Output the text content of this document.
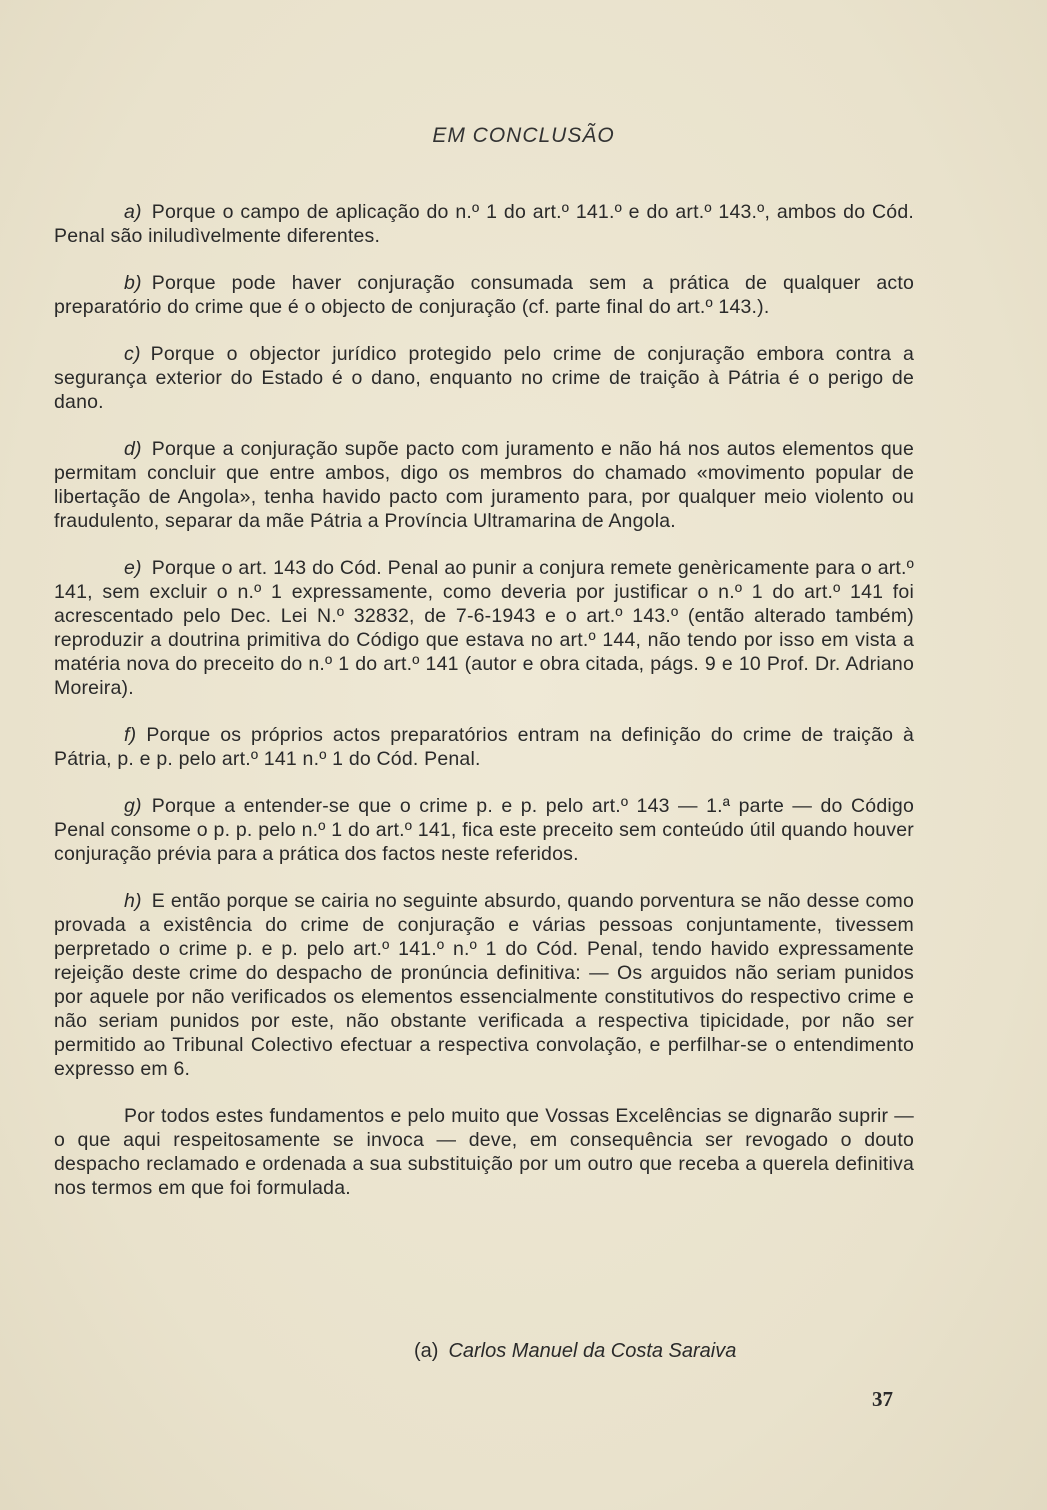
EM CONCLUSÃO

a) Porque o campo de aplicação do n.º 1 do art.º 141.º e do art.º 143.º, ambos do Cód. Penal são iniludìvelmente diferentes.

b) Porque pode haver conjuração consumada sem a prática de qualquer acto preparatório do crime que é o objecto de conjuração (cf. parte final do art.º 143.).

c) Porque o objector jurídico protegido pelo crime de conjuração embora contra a segurança exterior do Estado é o dano, enquanto no crime de traição à Pátria é o perigo de dano.

d) Porque a conjuração supõe pacto com juramento e não há nos autos elementos que permitam concluir que entre ambos, digo os membros do chamado «movimento popular de libertação de Angola», tenha havido pacto com juramento para, por qualquer meio violento ou fraudulento, separar da mãe Pátria a Província Ultramarina de Angola.

e) Porque o art. 143 do Cód. Penal ao punir a conjura remete genèricamente para o art.º 141, sem excluir o n.º 1 expressamente, como deveria por justificar o n.º 1 do art.º 141 foi acrescentado pelo Dec. Lei N.º 32832, de 7-6-1943 e o art.º 143.º (então alterado também) reproduzir a doutrina primitiva do Código que estava no art.º 144, não tendo por isso em vista a matéria nova do preceito do n.º 1 do art.º 141 (autor e obra citada, págs. 9 e 10 Prof. Dr. Adriano Moreira).

f) Porque os próprios actos preparatórios entram na definição do crime de traição à Pátria, p. e p. pelo art.º 141 n.º 1 do Cód. Penal.

g) Porque a entender-se que o crime p. e p. pelo art.º 143 — 1.ª parte — do Código Penal consome o p. p. pelo n.º 1 do art.º 141, fica este preceito sem conteúdo útil quando houver conjuração prévia para a prática dos factos neste referidos.

h) E então porque se cairia no seguinte absurdo, quando porventura se não desse como provada a existência do crime de conjuração e várias pessoas conjuntamente, tivessem perpretado o crime p. e p. pelo art.º 141.º n.º 1 do Cód. Penal, tendo havido expressamente rejeição deste crime do despacho de pronúncia definitiva: — Os arguidos não seriam punidos por aquele por não verificados os elementos essencialmente constitutivos do respectivo crime e não seriam punidos por este, não obstante verificada a respectiva tipicidade, por não ser permitido ao Tribunal Colectivo efectuar a respectiva convolação, e perfilhar-se o entendimento expresso em 6.

Por todos estes fundamentos e pelo muito que Vossas Excelências se dignarão suprir — o que aqui respeitosamente se invoca — deve, em consequência ser revogado o douto despacho reclamado e ordenada a sua substituição por um outro que receba a querela definitiva nos termos em que foi formulada.

(a) Carlos Manuel da Costa Saraiva
37
